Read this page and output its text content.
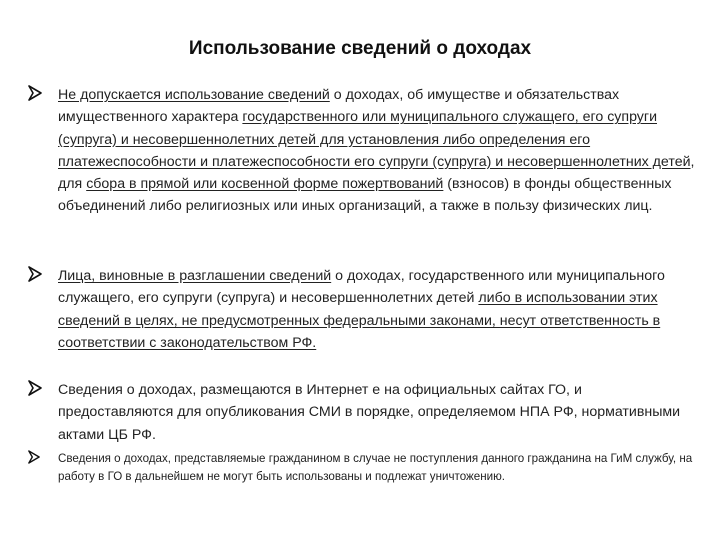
Использование сведений о доходах
Не допускается использование сведений о доходах, об имуществе и обязательствах имущественного характера государственного или муниципального служащего, его супруги (супруга) и несовершеннолетних детей для установления либо определения его платежеспособности и платежеспособности его супруги (супруга) и несовершеннолетних детей, для сбора в прямой или косвенной форме пожертвований (взносов) в фонды общественных объединений либо религиозных или иных организаций, а также в пользу физических лиц.
Лица, виновные в разглашении сведений о доходах, государственного или муниципального служащего, его супруги (супруга) и несовершеннолетних детей либо в использовании этих сведений в целях, не предусмотренных федеральными законами, несут ответственность в соответствии с законодательством РФ.
Сведения о доходах, размещаются в Интернет е на официальных сайтах ГО, и предоставляются для опубликования СМИ в порядке, определяемом НПА РФ, нормативными актами ЦБ РФ.
Сведения о доходах, представляемые гражданином в случае не поступления данного гражданина на ГиМ службу, на работу в ГО в дальнейшем не могут быть использованы и подлежат уничтожению.
